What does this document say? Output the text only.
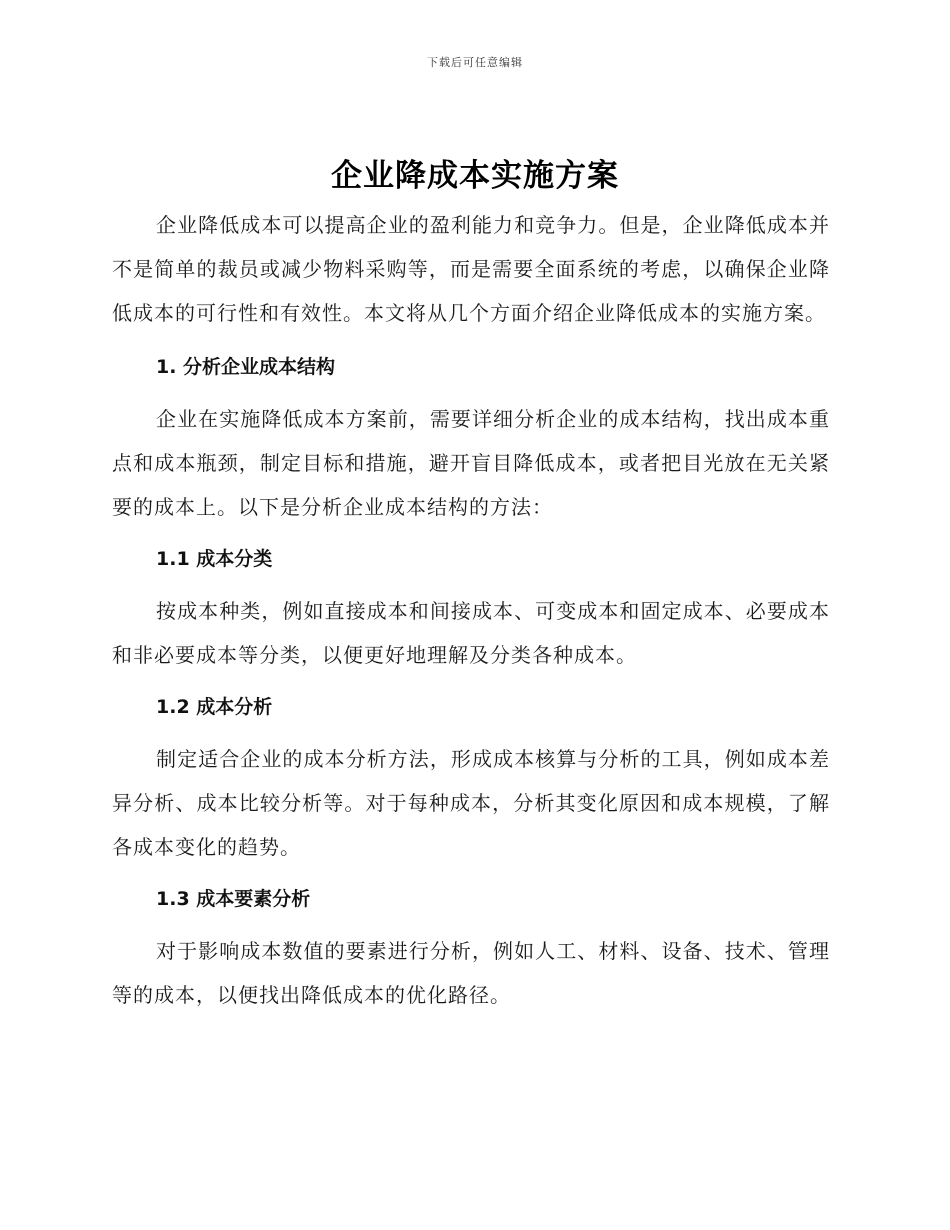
下载后可任意编辑
企业降成本实施方案

企业降低成本可以提高企业的盈利能力和竞争力。但是，企业降低成本并不是简单的裁员或减少物料采购等，而是需要全面系统的考虑，以确保企业降低成本的可行性和有效性。本文将从几个方面介绍企业降低成本的实施方案。

1. 分析企业成本结构

企业在实施降低成本方案前，需要详细分析企业的成本结构，找出成本重点和成本瓶颈，制定目标和措施，避开盲目降低成本，或者把目光放在无关紧要的成本上。以下是分析企业成本结构的方法：

1.1 成本分类

按成本种类，例如直接成本和间接成本、可变成本和固定成本、必要成本和非必要成本等分类，以便更好地理解及分类各种成本。

1.2 成本分析

制定适合企业的成本分析方法，形成成本核算与分析的工具，例如成本差异分析、成本比较分析等。对于每种成本，分析其变化原因和成本规模，了解各成本变化的趋势。

1.3 成本要素分析

对于影响成本数值的要素进行分析，例如人工、材料、设备、技术、管理等的成本，以便找出降低成本的优化路径。
